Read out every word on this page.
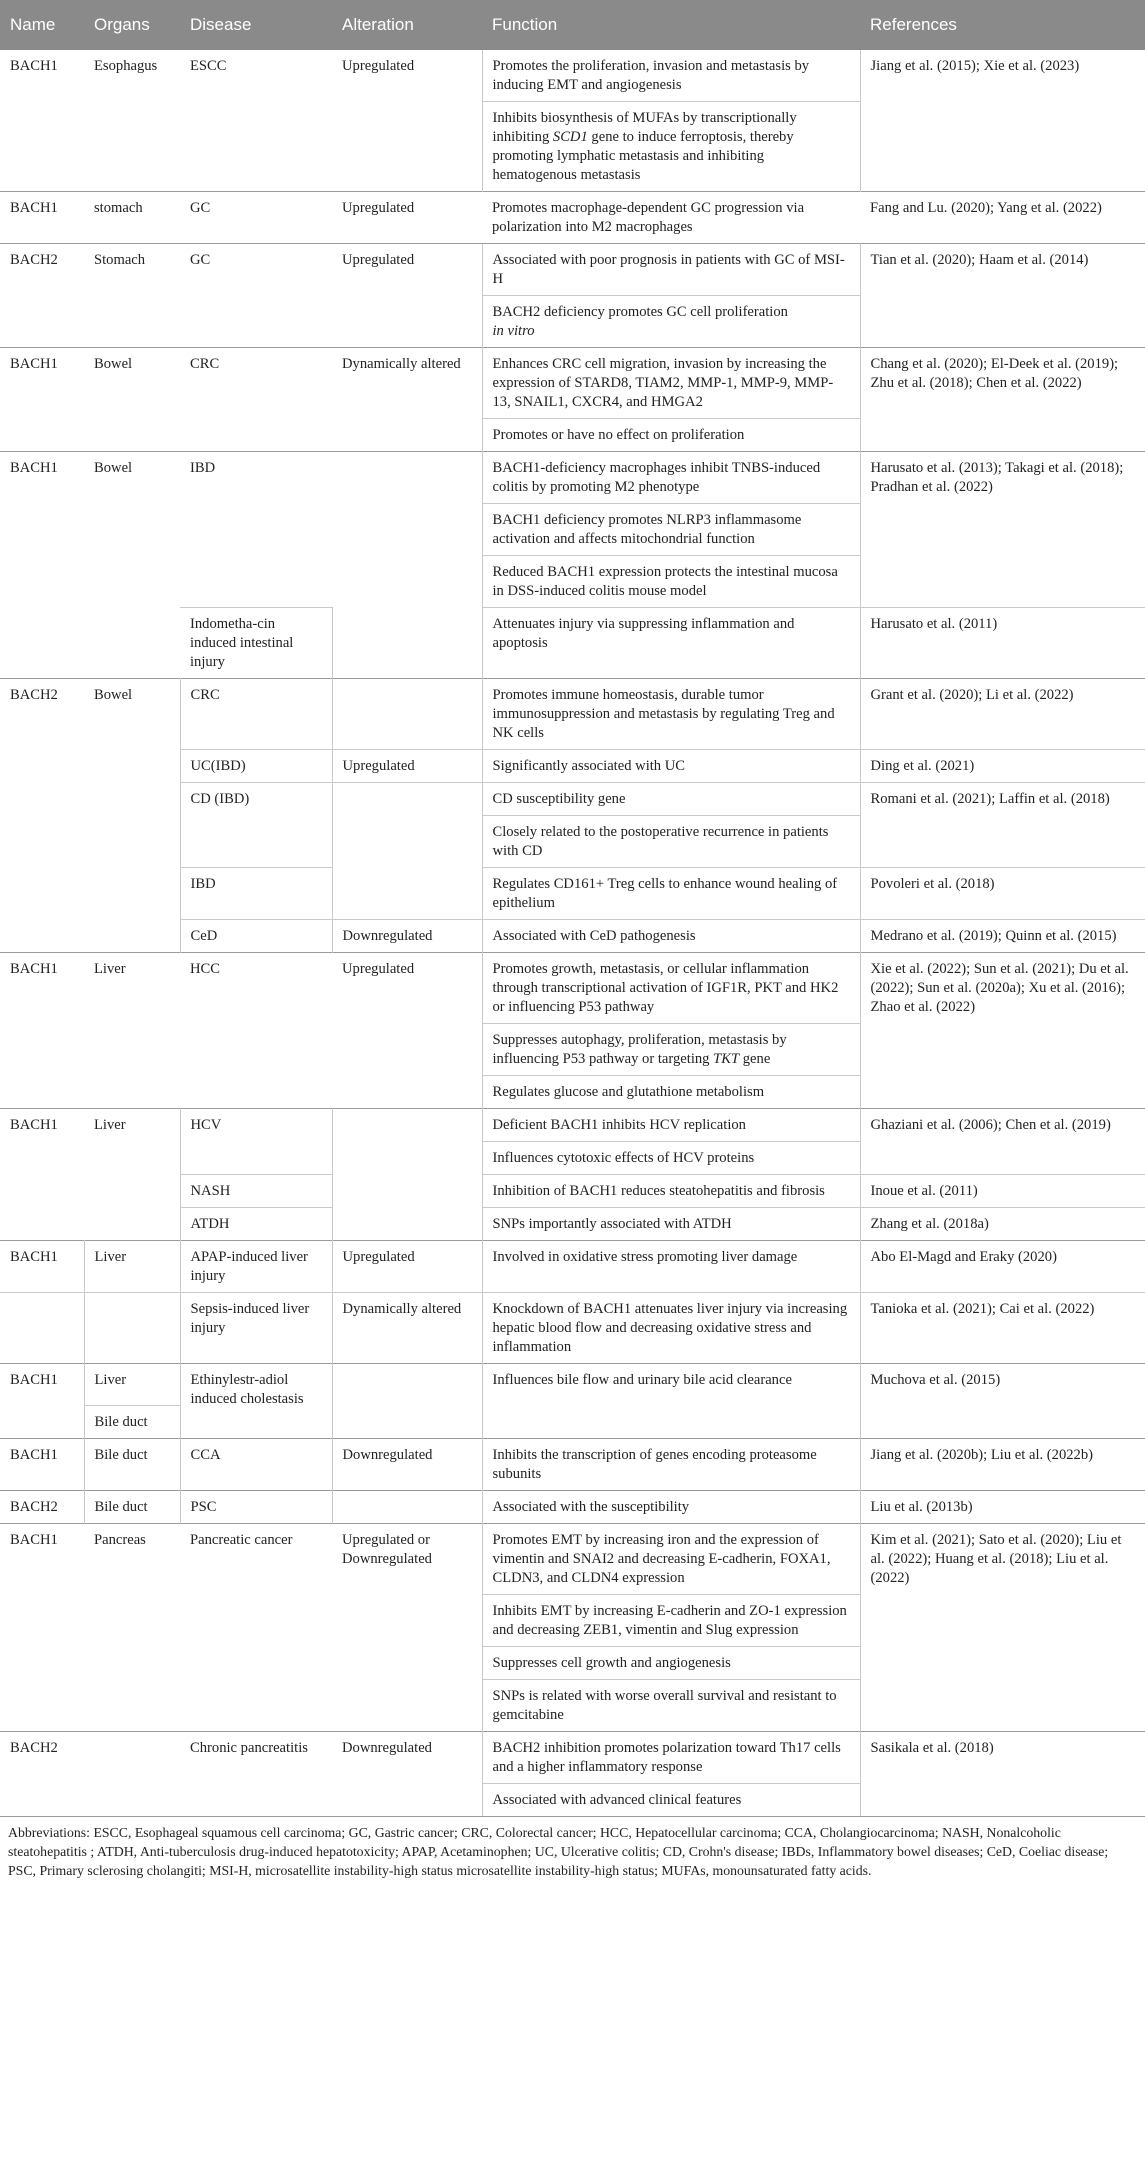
Name	Organs	Disease	Alteration	Function	References
BACH1	Esophagus	ESCC	Upregulated	Promotes the proliferation, invasion and metastasis by inducing EMT and angiogenesis	Jiang et al. (2015); Xie et al. (2023)
				Inhibits biosynthesis of MUFAs by transcriptionally inhibiting SCD1 gene to induce ferroptosis, thereby promoting lymphatic metastasis and inhibiting hematogenous metastasis	
BACH1	stomach	GC	Upregulated	Promotes macrophage-dependent GC progression via polarization into M2 macrophages	Fang and Lu. (2020); Yang et al. (2022)
BACH2	Stomach	GC	Upregulated	Associated with poor prognosis in patients with GC of MSI-H	Tian et al. (2020); Haam et al. (2014)
				BACH2 deficiency promotes GC cell proliferation
in vitro	
BACH1	Bowel	CRC	Dynamically altered	Enhances CRC cell migration, invasion by increasing the expression of STARD8, TIAM2, MMP-1, MMP-9, MMP-13, SNAIL1, CXCR4, and HMGA2	Chang et al. (2020); El-Deek et al. (2019); Zhu et al. (2018); Chen et al. (2022)
				Promotes or have no effect on proliferation	
BACH1	Bowel	IBD		BACH1-deficiency macrophages inhibit TNBS-induced colitis by promoting M2 phenotype	Harusato et al. (2013); Takagi et al. (2018); Pradhan et al. (2022)
				BACH1 deficiency promotes NLRP3 inflammasome activation and affects mitochondrial function	
				Reduced BACH1 expression protects the intestinal mucosa in DSS-induced colitis mouse model	
		Indometha-cin induced intestinal injury		Attenuates injury via suppressing inflammation and apoptosis	Harusato et al. (2011)
BACH2	Bowel	CRC		Promotes immune homeostasis, durable tumor immunosuppression and metastasis by regulating Treg and NK cells	Grant et al. (2020); Li et al. (2022)
		UC(IBD)	Upregulated	Significantly associated with UC	Ding et al. (2021)
		CD (IBD)		CD susceptibility gene	Romani et al. (2021); Laffin et al. (2018)
				Closely related to the postoperative recurrence in patients with CD	
		IBD		Regulates CD161+ Treg cells to enhance wound healing of epithelium	Povoleri et al. (2018)
		CeD	Downregulated	Associated with CeD pathogenesis	Medrano et al. (2019); Quinn et al. (2015)
BACH1	Liver	HCC	Upregulated	Promotes growth, metastasis, or cellular inflammation through transcriptional activation of IGF1R, PKT and HK2 or influencing P53 pathway	Xie et al. (2022); Sun et al. (2021); Du et al. (2022); Sun et al. (2020a); Xu et al. (2016); Zhao et al. (2022)
				Suppresses autophagy, proliferation, metastasis by influencing P53 pathway or targeting TKT gene	
				Regulates glucose and glutathione metabolism	
BACH1	Liver	HCV		Deficient BACH1 inhibits HCV replication	Ghaziani et al. (2006); Chen et al. (2019)
				Influences cytotoxic effects of HCV proteins	
		NASH		Inhibition of BACH1 reduces steatohepatitis and fibrosis	Inoue et al. (2011)
		ATDH		SNPs importantly associated with ATDH	Zhang et al. (2018a)
BACH1	Liver	APAP-induced liver injury	Upregulated	Involved in oxidative stress promoting liver damage	Abo El-Magd and Eraky (2020)
		Sepsis-induced liver injury	Dynamically altered	Knockdown of BACH1 attenuates liver injury via increasing hepatic blood flow and decreasing oxidative stress and inflammation	Tanioka et al. (2021); Cai et al. (2022)
BACH1	Liver	Ethinylestr-adiol induced cholestasis		Influences bile flow and urinary bile acid clearance	Muchova et al. (2015)
	Bile duct				
BACH1	Bile duct	CCA	Downregulated	Inhibits the transcription of genes encoding proteasome subunits	Jiang et al. (2020b); Liu et al. (2022b)
BACH2	Bile duct	PSC		Associated with the susceptibility	Liu et al. (2013b)
BACH1	Pancreas	Pancreatic cancer	Upregulated or Downregulated	Promotes EMT by increasing iron and the expression of vimentin and SNAI2 and decreasing E-cadherin, FOXA1, CLDN3, and CLDN4 expression	Kim et al. (2021); Sato et al. (2020); Liu et al. (2022); Huang et al. (2018); Liu et al. (2022)
				Inhibits EMT by increasing E-cadherin and ZO-1 expression and decreasing ZEB1, vimentin and Slug expression	
				Suppresses cell growth and angiogenesis	
				SNPs is related with worse overall survival and resistant to gemcitabine	
BACH2		Chronic pancreatitis	Downregulated	BACH2 inhibition promotes polarization toward Th17 cells and a higher inflammatory response	Sasikala et al. (2018)
				Associated with advanced clinical features	
Abbreviations: ESCC, Esophageal squamous cell carcinoma; GC, Gastric cancer; CRC, Colorectal cancer; HCC, Hepatocellular carcinoma; CCA, Cholangiocarcinoma; NASH, Nonalcoholic steatohepatitis ; ATDH, Anti-tuberculosis drug-induced hepatotoxicity; APAP, Acetaminophen; UC, Ulcerative colitis; CD, Crohn's disease; IBDs, Inflammatory bowel diseases; CeD, Coeliac disease; PSC, Primary sclerosing cholangiti; MSI-H, microsatellite instability-high status microsatellite instability-high status; MUFAs, monounsaturated fatty acids.
